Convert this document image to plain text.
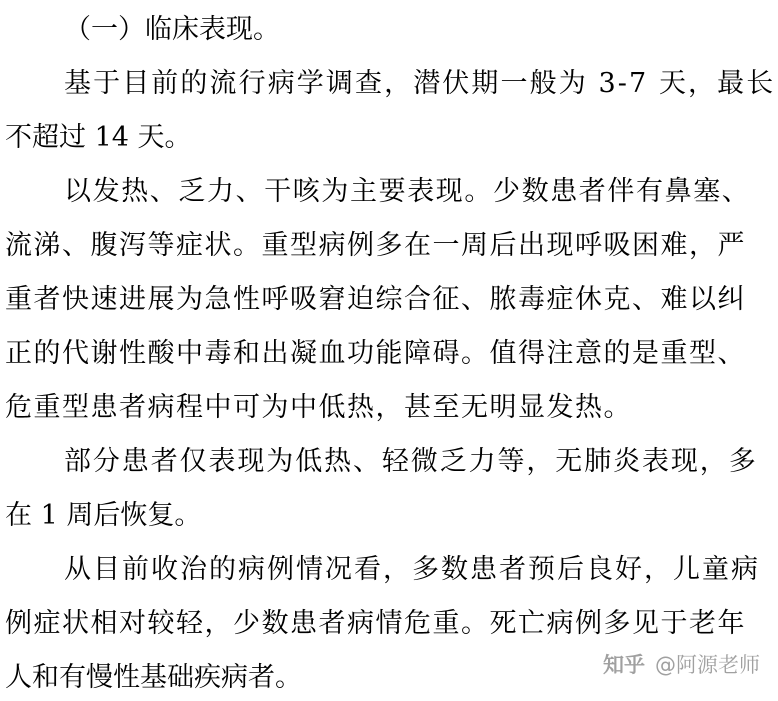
（一）临床表现。
基于目前的流行病学调查，潜伏期一般为 3-7 天，最长
不超过 14 天。
以发热、乏力、干咳为主要表现。少数患者伴有鼻塞、
流涕、腹泻等症状。重型病例多在一周后出现呼吸困难，严
重者快速进展为急性呼吸窘迫综合征、脓毒症休克、难以纠
正的代谢性酸中毒和出凝血功能障碍。值得注意的是重型、
危重型患者病程中可为中低热，甚至无明显发热。
部分患者仅表现为低热、轻微乏力等，无肺炎表现，多
在 1 周后恢复。
从目前收治的病例情况看，多数患者预后良好，儿童病
例症状相对较轻，少数患者病情危重。死亡病例多见于老年
人和有慢性基础疾病者。	知乎 @阿源老师
